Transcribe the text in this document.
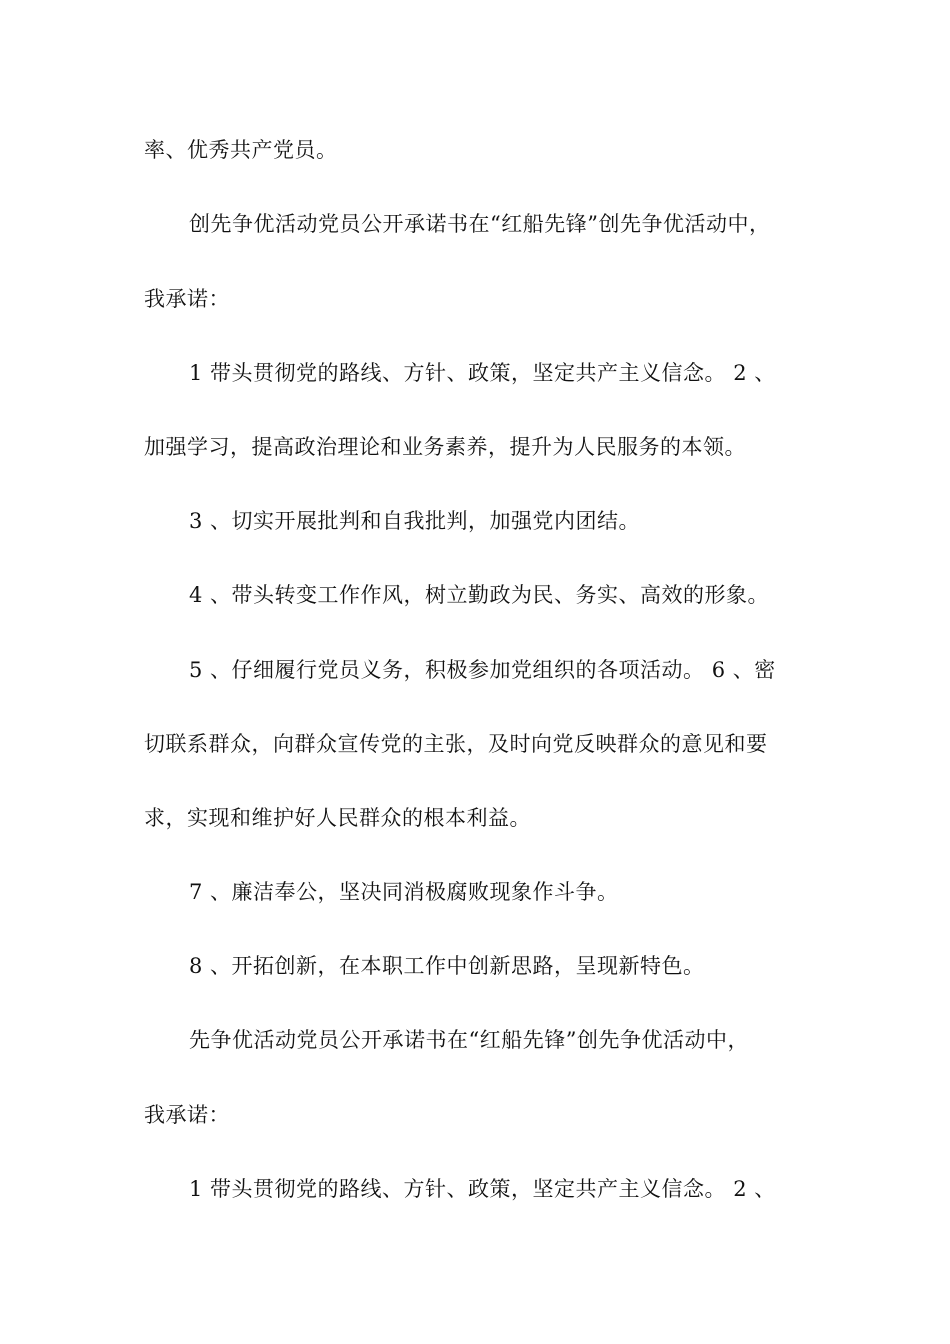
率、优秀共产党员。
创先争优活动党员公开承诺书在“红船先锋”创先争优活动中，
我承诺：
1 带头贯彻党的路线、方针、政策，坚定共产主义信念。 2 、
加强学习，提高政治理论和业务素养，提升为人民服务的本领。
3 、切实开展批判和自我批判，加强党内团结。
4 、带头转变工作作风，树立勤政为民、务实、高效的形象。
5 、仔细履行党员义务，积极参加党组织的各项活动。 6 、密
切联系群众，向群众宣传党的主张，及时向党反映群众的意见和要
求，实现和维护好人民群众的根本利益。
7 、廉洁奉公，坚决同消极腐败现象作斗争。
8 、开拓创新，在本职工作中创新思路，呈现新特色。
先争优活动党员公开承诺书在“红船先锋”创先争优活动中，
我承诺：
1 带头贯彻党的路线、方针、政策，坚定共产主义信念。 2 、
